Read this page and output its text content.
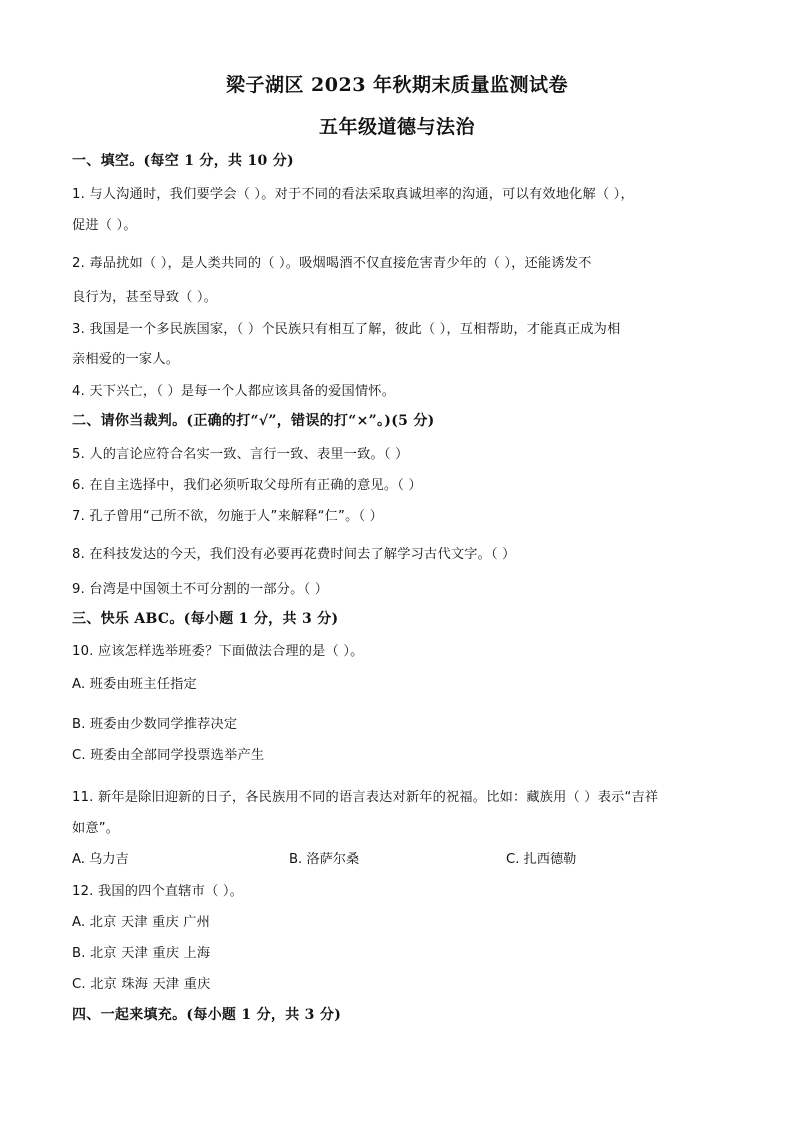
梁子湖区 2023 年秋期末质量监测试卷
五年级道德与法治
一、填空。(每空 1 分，共 10 分)
1. 与人沟通时，我们要学会（ ）。对于不同的看法采取真诚坦率的沟通，可以有效地化解（ ），
促进（ ）。
2. 毒品扰如（ ），是人类共同的（ ）。吸烟喝酒不仅直接危害青少年的（ ），还能诱发不
良行为，甚至导致（ ）。
3. 我国是一个多民族国家，（ ）个民族只有相互了解，彼此（ ），互相帮助，才能真正成为相
亲相爱的一家人。
4. 天下兴亡，（ ）是每一个人都应该具备的爱国情怀。
二、请你当裁判。(正确的打“√”，错误的打“×”。)(5 分)
5. 人的言论应符合名实一致、言行一致、表里一致。（ ）
6. 在自主选择中，我们必须听取父母所有正确的意见。（ ）
7. 孔子曾用“己所不欲，勿施于人”来解释“仁”。（ ）
8. 在科技发达的今天，我们没有必要再花费时间去了解学习古代文字。（ ）
9. 台湾是中国领土不可分割的一部分。（ ）
三、快乐 ABC。(每小题 1 分，共 3 分)
10. 应该怎样选举班委？下面做法合理的是（ ）。
A. 班委由班主任指定
B. 班委由少数同学推荐决定
C. 班委由全部同学投票选举产生
11. 新年是除旧迎新的日子，各民族用不同的语言表达对新年的祝福。比如：藏族用（ ）表示“吉祥
如意”。
A. 乌力吉	B. 洛萨尔桑	C. 扎西德勒
12. 我国的四个直辖市（ ）。
A. 北京 天津 重庆 广州
B. 北京 天津 重庆 上海
C. 北京 珠海 天津 重庆
四、一起来填充。(每小题 1 分，共 3 分)
